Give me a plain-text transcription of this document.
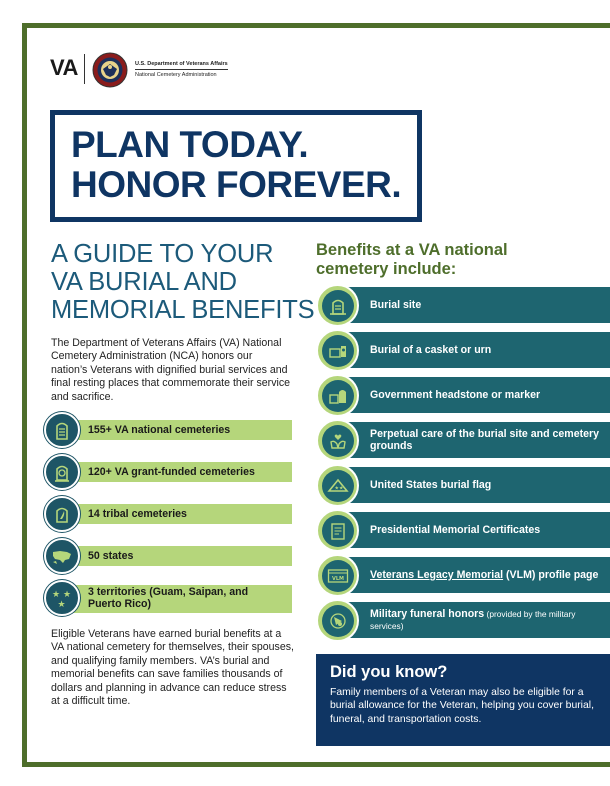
VA	U.S. Department of Veterans Affairs
National Cemetery Administration
PLAN TODAY.
HONOR FOREVER.
A GUIDE TO YOUR
VA BURIAL AND
MEMORIAL BENEFITS
The Department of Veterans Affairs (VA) National Cemetery Administration (NCA) honors our nation’s Veterans with dignified burial services and final resting places that commemorate their service and sacrifice.
155+ VA national cemeteries
120+ VA grant-funded cemeteries
14 tribal cemeteries
50 states
★ ★
★
3 territories (Guam, Saipan, and Puerto Rico)
Eligible Veterans have earned burial benefits at a VA national cemetery for themselves, their spouses, and qualifying family members. VA’s burial and memorial benefits can save families thousands of dollars and planning in advance can reduce stress at a difficult time.
Benefits at a VA national
cemetery include:
Burial site
Burial of a casket or urn
Government headstone or marker
Perpetual care of the burial site and cemetery grounds
★★	United States burial flag
Presidential Memorial Certificates
VLM Veterans Legacy Memorial (VLM) profile page
Military funeral honors (provided by the military services)
Did you know?
Family members of a Veteran may also be eligible for a burial allowance for the Veteran, helping you cover burial, funeral, and transportation costs.
